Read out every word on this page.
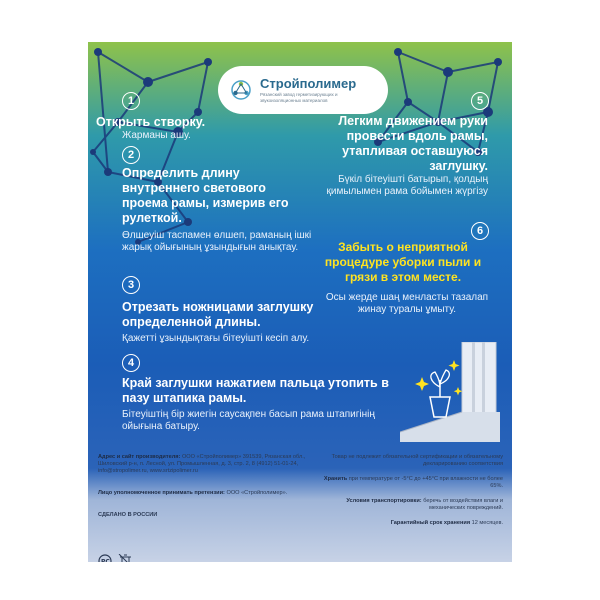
Стройполимер
Рязанский завод герметизирующих и звукоизоляционных материалов
1
Открыть створку.
Жарманы ашу.
2
Определить длину внутреннего светового проема рамы, измерив его рулеткой.
Өлшеуіш таспамен өлшеп, раманың ішкі жарық ойығының ұзындығын анықтау.
3
Отрезать ножницами заглушку определенной длины.
Қажетті ұзындықтағы бітеуішті кесіп алу.
4
Край заглушки нажатием пальца утопить в пазу штапика рамы.
Бітеуіштің бір жиегін саусақпен басып рама штапигінің ойығына батыру.
5
Легким движением руки провести вдоль рамы, утапливая оставшуюся заглушку.
Бүкіл бітеуішті батырып, қолдың қимылымен рама бойымен жүргізу
6
Забыть о неприятной процедуре уборки пыли и грязи в этом месте.
Осы жерде шаң менласты тазалап жинау туралы ұмыту.
Адрес и сайт производителя: ООО «Стройполимер» 391539, Рязанская обл., Шиловский р-н, п. Лесной, ул. Промышленная, д. 3, стр. 2, 8 (4912) 51-01-24, info@stropolimer.ru, www.srtzipolimer.ru
Лицо уполномоченное принимать претензии: ООО «Стройполимер».
СДЕЛАНО В РОССИИ
PC
Товар не подлежит обязательной сертификации и обязательному декларированию соответствия
Хранить при температуре от -5°С до +45°С при влажности не более 65%.
Условия транспортировки: беречь от воздействия влаги и механических повреждений.
Гарантийный срок хранения 12 месяцев.
